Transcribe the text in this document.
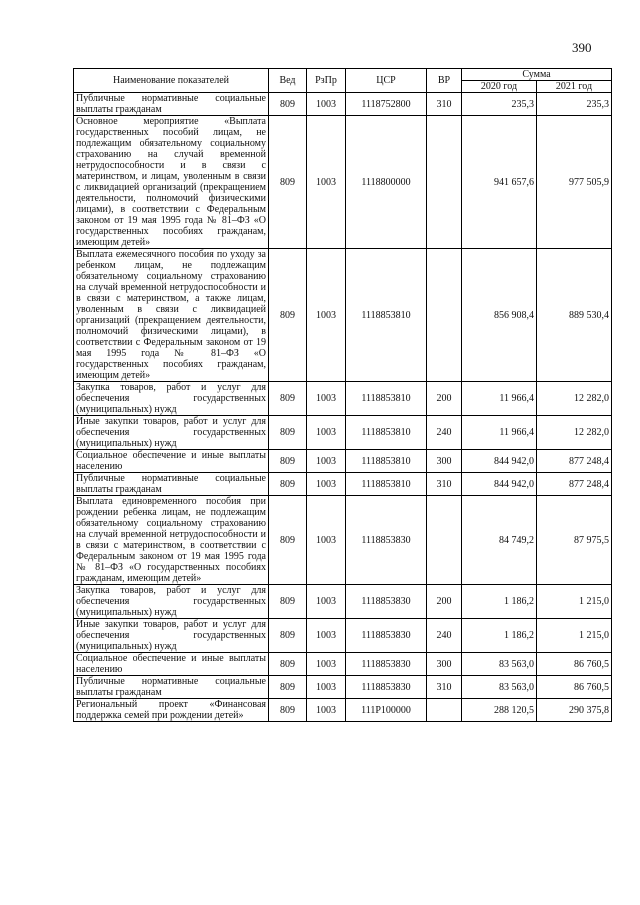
390
Наименование показателей	Вед	РзПр	ЦСР	ВР	Сумма	
					2020 год	2021 год
Публичные нормативные социальные выплаты гражданам	809	1003	1118752800	310	235,3	235,3
Основное мероприятие «Выплата государственных пособий лицам, не подлежащим обязательному социальному страхованию на случай временной нетрудоспособности и в связи с материнством, и лицам, уволенным в связи с ликвидацией организаций (прекращением деятельности, полномочий физическими лицами), в соответствии с Федеральным законом от 19 мая 1995 года № 81–ФЗ «О государственных пособиях гражданам, имеющим детей»	809	1003	1118800000		941 657,6	977 505,9
Выплата ежемесячного пособия по уходу за ребенком лицам, не подлежащим обязательному социальному страхованию на случай временной нетрудоспособности и в связи с материнством, а также лицам, уволенным в связи с ликвидацией организаций (прекращением деятельности, полномочий физическими лицами), в соответствии с Федеральным законом от 19 мая 1995 года № 81–ФЗ «О государственных пособиях гражданам, имеющим детей»	809	1003	1118853810		856 908,4	889 530,4
Закупка товаров, работ и услуг для обеспечения государственных (муниципальных) нужд	809	1003	1118853810	200	11 966,4	12 282,0
Иные закупки товаров, работ и услуг для обеспечения государственных (муниципальных) нужд	809	1003	1118853810	240	11 966,4	12 282,0
Социальное обеспечение и иные выплаты населению	809	1003	1118853810	300	844 942,0	877 248,4
Публичные нормативные социальные выплаты гражданам	809	1003	1118853810	310	844 942,0	877 248,4
Выплата единовременного пособия при рождении ребенка лицам, не подлежащим обязательному социальному страхованию на случай временной нетрудоспособности и в связи с материнством, в соответствии с Федеральным законом от 19 мая 1995 года № 81–ФЗ «О государственных пособиях гражданам, имеющим детей»	809	1003	1118853830		84 749,2	87 975,5
Закупка товаров, работ и услуг для обеспечения государственных (муниципальных) нужд	809	1003	1118853830	200	1 186,2	1 215,0
Иные закупки товаров, работ и услуг для обеспечения государственных (муниципальных) нужд	809	1003	1118853830	240	1 186,2	1 215,0
Социальное обеспечение и иные выплаты населению	809	1003	1118853830	300	83 563,0	86 760,5
Публичные нормативные социальные выплаты гражданам	809	1003	1118853830	310	83 563,0	86 760,5
Региональный проект «Финансовая поддержка семей при рождении детей»	809	1003	111P100000		288 120,5	290 375,8
